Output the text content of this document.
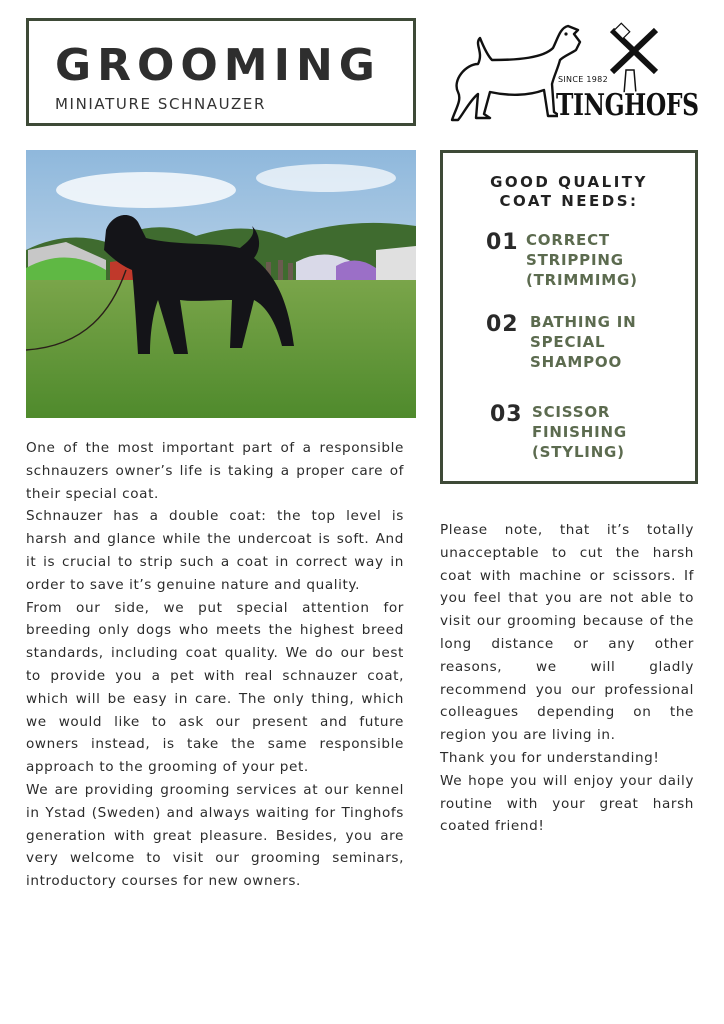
GROOMING
MINIATURE SCHNAUZER
SINCE 1982
TINGHOFS
GOOD QUALITY
COAT NEEDS:
01 CORRECT
STRIPPING
(TRIMMIMG)
02 BATHING IN
SPECIAL
SHAMPOO
03 SCISSOR
FINISHING
(STYLING)

One of the most important part of a responsible schnauzers owner’s life is taking a proper care of their special coat.

Schnauzer has a double coat: the top level is harsh and glance while the undercoat is soft. And it is crucial to strip such a coat in correct way in order to save it’s genuine nature and quality.

From our side, we put special attention for breeding only dogs who meets the highest breed standards, including coat quality. We do our best to provide you a pet with real schnauzer coat, which will be easy in care. The only thing, which we would like to ask our present and future owners instead, is take the same responsible approach to the grooming of your pet.

We are providing grooming services at our kennel in Ystad (Sweden) and always waiting for Tinghofs generation with great pleasure. Besides, you are very welcome to visit our grooming seminars, introductory courses for new owners.

Please note, that it’s totally unacceptable to cut the harsh coat with machine or scissors. If you feel that you are not able to visit our grooming because of the long distance or any other reasons, we will gladly recommend you our professional colleagues depending on the region you are living in.

Thank you for understanding!

We hope you will enjoy your daily routine with your great harsh coated friend!
